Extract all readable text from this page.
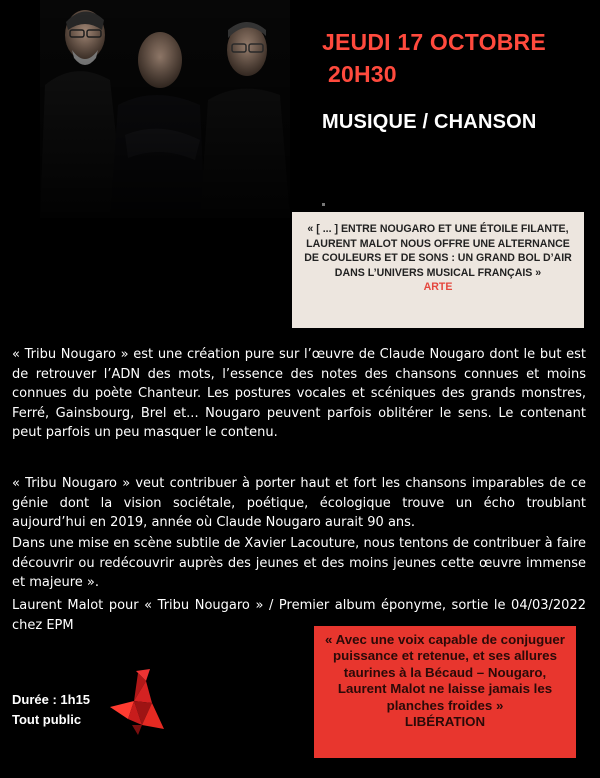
JEUDI 17 OCTOBRE
20H30
MUSIQUE / CHANSON
« [ ... ] ENTRE NOUGARO ET UNE ÉTOILE FILANTE, LAURENT MALOT NOUS OFFRE UNE ALTERNANCE DE COULEURS ET DE SONS : UN GRAND BOL D’AIR DANS L’UNIVERS MUSICAL FRANÇAIS »
ARTE

« Tribu Nougaro » est une création pure sur l’œuvre de Claude Nougaro dont le but est de retrouver l’ADN des mots, l’essence des notes des chansons connues et moins connues du poète Chanteur. Les postures vocales et scéniques des grands monstres, Ferré, Gainsbourg, Brel et... Nougaro peuvent parfois oblitérer le sens. Le contenant peut parfois un peu masquer le contenu.

« Tribu Nougaro » veut contribuer à porter haut et fort les chansons imparables de ce génie dont la vision sociétale, poétique, écologique trouve un écho troublant aujourd’hui en 2019, année où Claude Nougaro aurait 90 ans.

Dans une mise en scène subtile de Xavier Lacouture, nous tentons de contribuer à faire découvrir ou redécouvrir auprès des jeunes et des moins jeunes cette œuvre immense et majeure ».

Laurent Malot pour « Tribu Nougaro » / Premier album éponyme, sortie le 04/03/2022 chez EPM

Durée : 1h15
Tout public
« Avec une voix capable de conjuguer puissance et retenue, et ses allures taurines à la Bécaud – Nougaro, Laurent Malot ne laisse jamais les planches froides »
LIBÉRATION
